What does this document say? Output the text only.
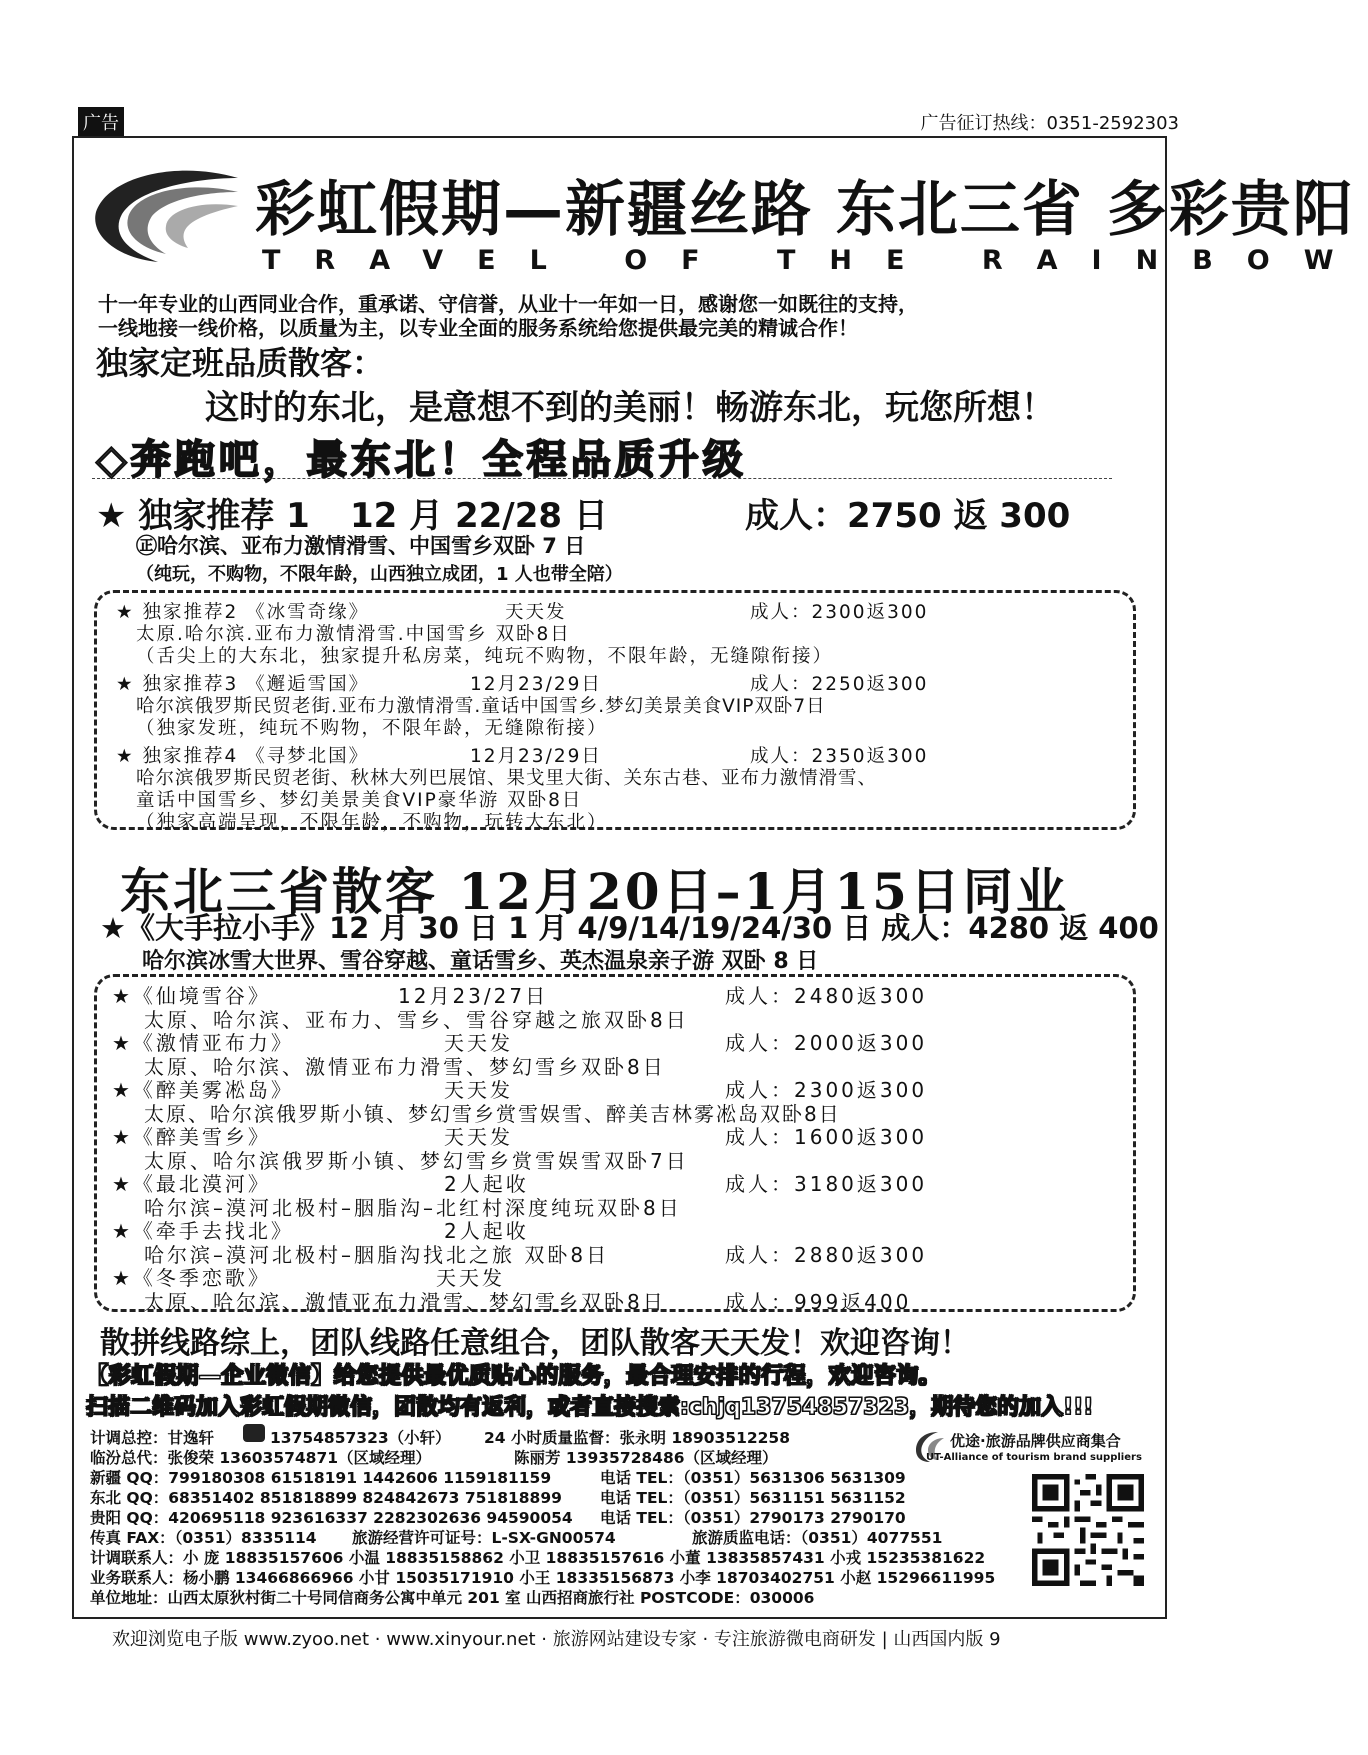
广告	广告征订热线：0351-2592303
彩虹假期—新疆丝路 东北三省 多彩贵阳
TRAVEL OF THE RAINBOW
十一年专业的山西同业合作，重承诺、守信誉，从业十一年如一日，感谢您一如既往的支持，
一线地接一线价格，以质量为主，以专业全面的服务系统给您提供最完美的精诚合作！
独家定班品质散客：
这时的东北，是意想不到的美丽！畅游东北，玩您所想！
◇奔跑吧，最东北！全程品质升级
★ 独家推荐 1 12 月 22/28 日	成人：2750 返 300
㊣哈尔滨、亚布力激情滑雪、中国雪乡双卧 7 日
（纯玩，不购物，不限年龄，山西独立成团，1 人也带全陪）
★ 独家推荐2 《冰雪奇缘》	天天发	成人：2300返300
太原.哈尔滨.亚布力激情滑雪.中国雪乡 双卧8日
（舌尖上的大东北，独家提升私房菜，纯玩不购物，不限年龄，无缝隙衔接）
★ 独家推荐3 《邂逅雪国》	12月23/29日	成人：2250返300
哈尔滨俄罗斯民贸老街.亚布力激情滑雪.童话中国雪乡.梦幻美景美食VIP双卧7日
（独家发班，纯玩不购物，不限年龄，无缝隙衔接）
★ 独家推荐4 《寻梦北国》	12月23/29日	成人：2350返300
哈尔滨俄罗斯民贸老街、秋林大列巴展馆、果戈里大街、关东古巷、亚布力激情滑雪、
童话中国雪乡、梦幻美景美食VIP豪华游 双卧8日
（独家高端呈现，不限年龄，不购物，玩转大东北）
东北三省散客 12月20日–1月15日同业
★《大手拉小手》12 月 30 日 1 月 4/9/14/19/24/30 日 成人：4280 返 400
哈尔滨冰雪大世界、雪谷穿越、童话雪乡、英杰温泉亲子游 双卧 8 日
★《仙境雪谷》	12月23/27日	成人：2480返300
太原、哈尔滨、亚布力、雪乡、雪谷穿越之旅双卧8日
★《激情亚布力》	天天发	成人：2000返300
太原、哈尔滨、激情亚布力滑雪、梦幻雪乡双卧8日
★《醉美雾凇岛》	天天发	成人：2300返300
太原、哈尔滨俄罗斯小镇、梦幻雪乡赏雪娱雪、醉美吉林雾凇岛双卧8日
★《醉美雪乡》	天天发	成人：1600返300
太原、哈尔滨俄罗斯小镇、梦幻雪乡赏雪娱雪双卧7日
★《最北漠河》	2人起收	成人：3180返300
哈尔滨–漠河北极村–胭脂沟–北红村深度纯玩双卧8日
★《牵手去找北》	2人起收
哈尔滨–漠河北极村–胭脂沟找北之旅 双卧8日	成人：2880返300
★《冬季恋歌》	天天发
太原、哈尔滨、激情亚布力滑雪、梦幻雪乡双卧8日	成人：999返400
散拼线路综上，团队线路任意组合，团队散客天天发！欢迎咨询！
【彩虹假期—企业微信】给您提供最优质贴心的服务，最合理安排的行程，欢迎咨询。
扫描二维码加入彩虹假期微信，团散均有返利，或者直接搜索:chjq13754857323，期待您的加入!!!
计调总控：甘逸轩	13754857323（小轩） 24 小时质量监督：张永明 18903512258
临汾总代：张俊荣 13603574871（区域经理）	陈丽芳 13935728486（区域经理）
新疆 QQ：799180308 61518191 1442606 1159181159	电话 TEL：（0351）5631306 5631309
东北 QQ：68351402 851818899 824842673 751818899 电话 TEL：（0351）5631151 5631152
贵阳 QQ：420695118 923616337 2282302636 94590054 电话 TEL：（0351）2790173 2790170
传真 FAX：（0351）8335114 旅游经营许可证号：L-SX-GN00574	旅游质监电话：（0351）4077551
计调联系人：小 庞 18835157606 小温 18835158862 小卫 18835157616 小董 13835857431 小戎 15235381622
业务联系人：杨小鹏 13466866966 小甘 15035171910 小王 18335156873 小李 18703402751 小赵 15296611995
单位地址：山西太原狄村街二十号同信商务公寓中单元 201 室 山西招商旅行社 POSTCODE：030006
优途·旅游品牌供应商集合
UT-Alliance of tourism brand suppliers
欢迎浏览电子版 www.zyoo.net · www.xinyour.net · 旅游网站建设专家 · 专注旅游微电商研发 | 山西国内版 9
